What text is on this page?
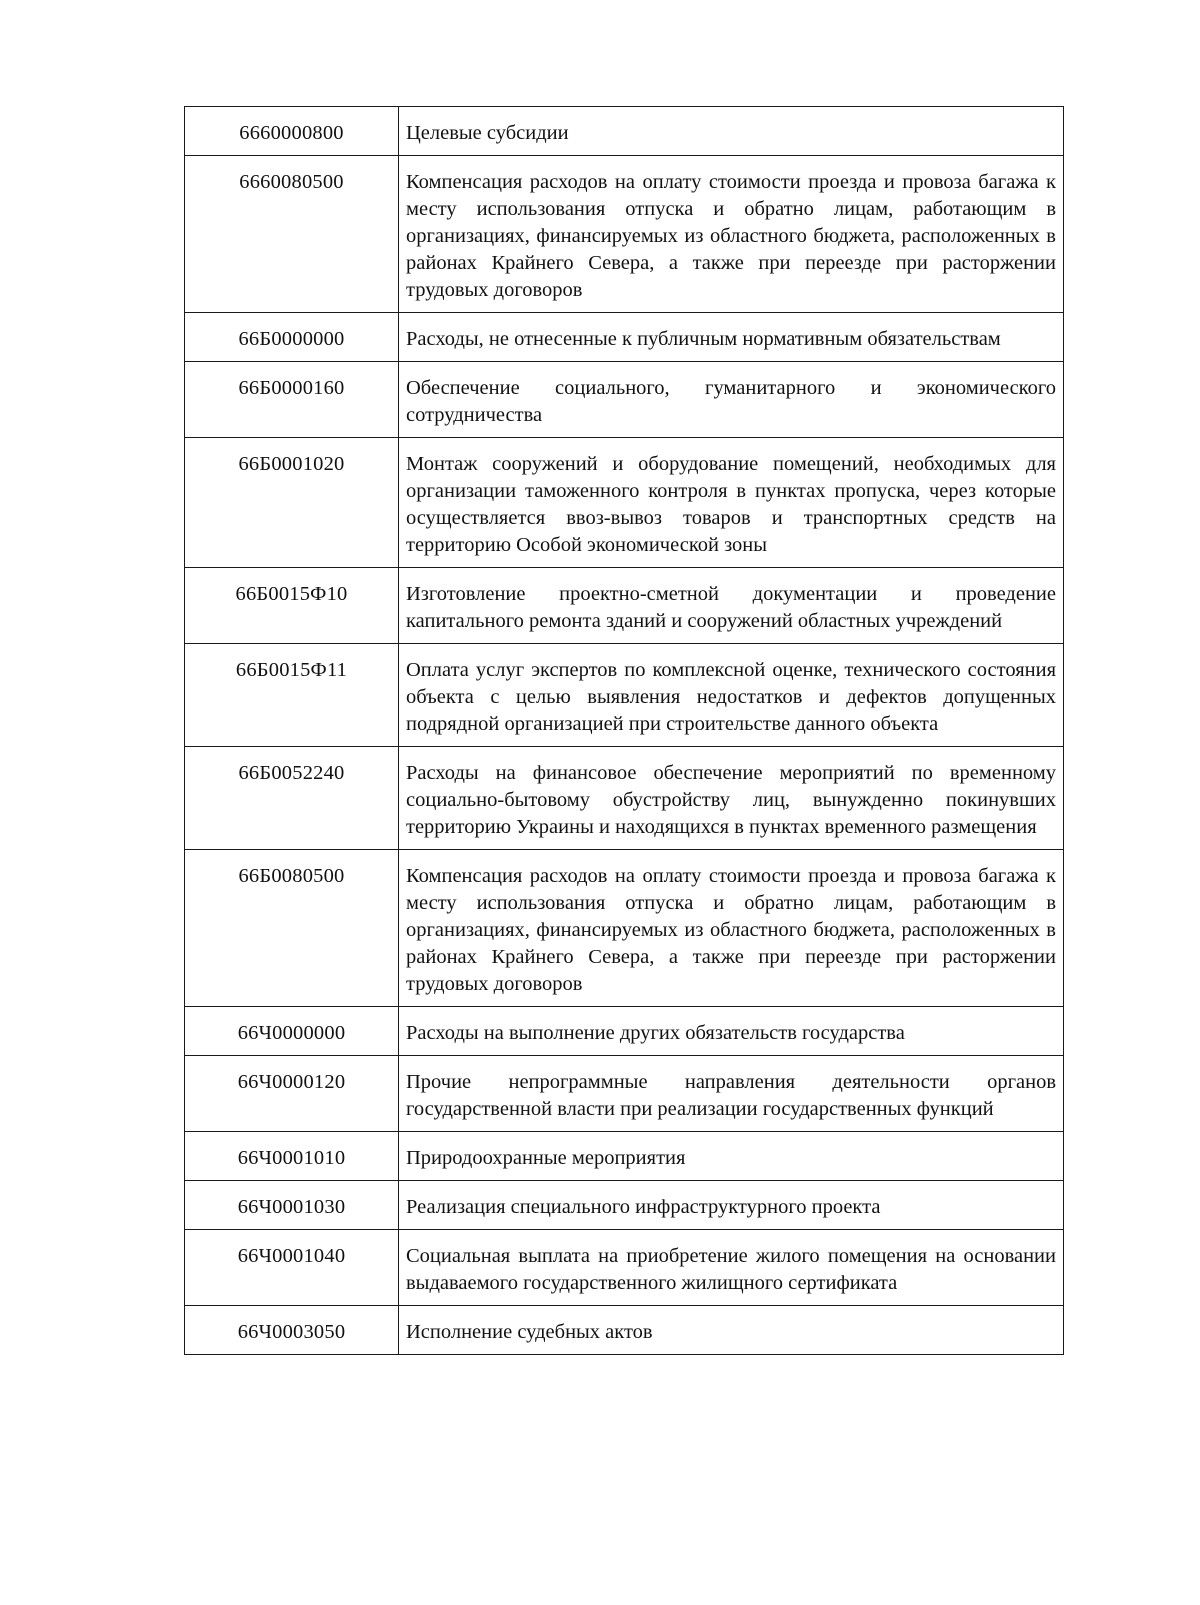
6660000800	Целевые субсидии
6660080500	Компенсация расходов на оплату стоимости проезда и провоза багажа к месту использования отпуска и обратно лицам, работающим в организациях, финансируемых из областного бюджета, расположенных в районах Крайнего Севера, а также при переезде при расторжении трудовых договоров
66Б0000000	Расходы, не отнесенные к публичным нормативным обязательствам
66Б0000160	Обеспечение социального, гуманитарного и экономического сотрудничества
66Б0001020	Монтаж сооружений и оборудование помещений, необходимых для организации таможенного контроля в пунктах пропуска, через которые осуществляется ввоз-вывоз товаров и транспортных средств на территорию Особой экономической зоны
66Б0015Ф10	Изготовление проектно-сметной документации и проведение капитального ремонта зданий и сооружений областных учреждений
66Б0015Ф11	Оплата услуг экспертов по комплексной оценке, технического состояния объекта с целью выявления недостатков и дефектов допущенных подрядной организацией при строительстве данного объекта
66Б0052240	Расходы на финансовое обеспечение мероприятий по временному социально-бытовому обустройству лиц, вынужденно покинувших территорию Украины и находящихся в пунктах временного размещения
66Б0080500	Компенсация расходов на оплату стоимости проезда и провоза багажа к месту использования отпуска и обратно лицам, работающим в организациях, финансируемых из областного бюджета, расположенных в районах Крайнего Севера, а также при переезде при расторжении трудовых договоров
66Ч0000000	Расходы на выполнение других обязательств государства
66Ч0000120	Прочие непрограммные направления деятельности органов государственной власти при реализации государственных функций
66Ч0001010	Природоохранные мероприятия
66Ч0001030	Реализация специального инфраструктурного проекта
66Ч0001040	Социальная выплата на приобретение жилого помещения на основании выдаваемого государственного жилищного сертификата
66Ч0003050	Исполнение судебных актов
